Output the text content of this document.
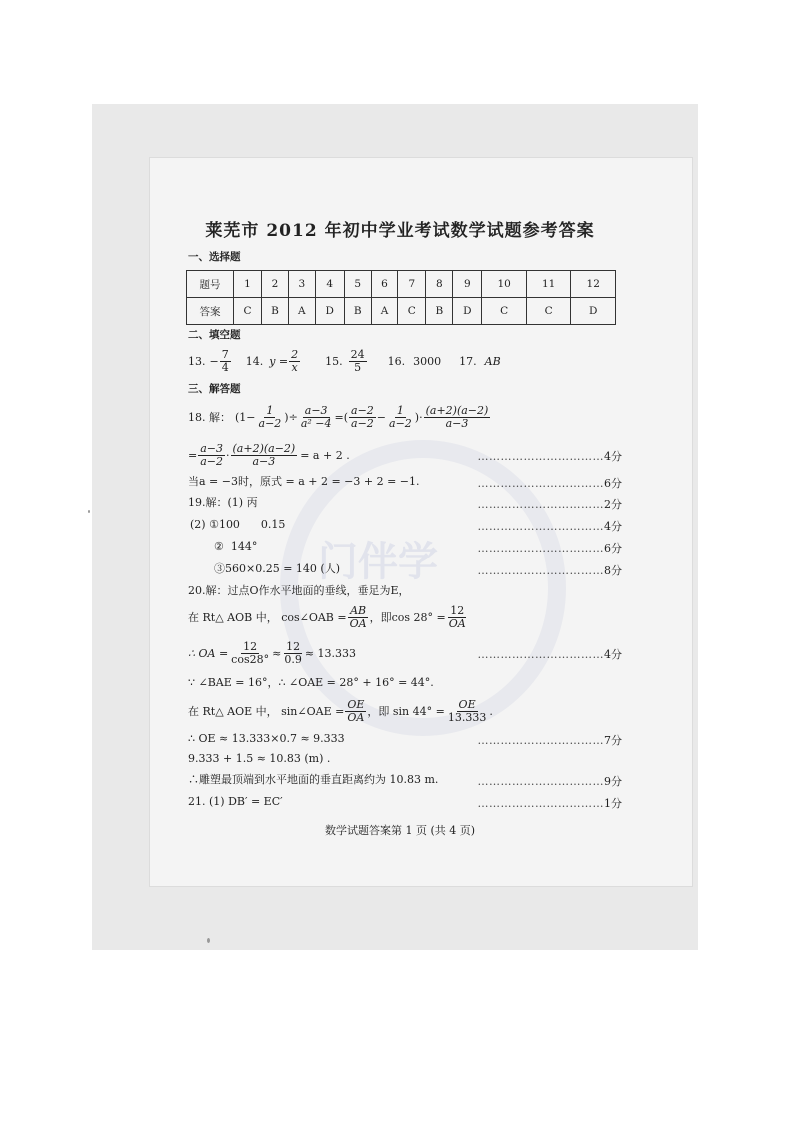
门伴学
莱芜市 2012 年初中学业考试数学试题参考答案
一、选择题
题号	1	2	3	4	5	6	7	8	9	10	11	12
答案	C	B	A	D	B	A	C	B	D	C	C	D
二、填空题
13. − $\frac{7}{4} 14$. $y = \frac{2}{x} 15$. $\frac{24}{5} 16$. 3000 17. AB
三、解答题
18. 解： ($1- \frac{1}{a-2}$ )÷ $\frac{a-3}{\text{a² −4}}$ =( $\frac{a-2}{a-2} - \frac{1}{a-2}$ )· $\frac{(a+2)(a-2)}{a-3}$
= $\frac{a-3}{a-2} \cdot \frac{(a+2)(a-2)}{a-3} = a + 2$ .	……………………………4分
当a = −3时，原式 = a + 2 = −3 + 2 = −1.	……………………………6分
19.解：(1) 丙	……………………………2分
(2) ①100      0.15	……………………………4分
②  144°	……………………………6分
③560×0.25 = 140 (人)	……………………………8分
20.解：过点O作水平地面的垂线，垂足为E，
在 Rt△ AOB 中， cos∠OAB = $\frac{AB}{OA}$ ，即$\cos 28^\circ = \frac{12}{OA}$
∴ OA = $\frac{12}{\cos 28^\circ} \approx \frac{12}{0.9} \approx 13.333$	……………………………4分
∵ ∠BAE = 16°，∴ ∠OAE = 28° + 16° = 44°.
在 Rt△ AOE 中， sin∠OAE = $\frac{OE}{OA}$ ，即 $\sin 44^\circ = \frac{OE}{13.333}$ .
∴ OE ≈ 13.333×0.7 ≈ 9.333	……………………………7分
9.333 + 1.5 ≈ 10.83 (m) .
∴雕塑最顶端到水平地面的垂直距离约为 10.83 m.	……………………………9分
21. (1) DB′ = EC′	……………………………1分
数学试题答案第 1 页 (共 4 页)
